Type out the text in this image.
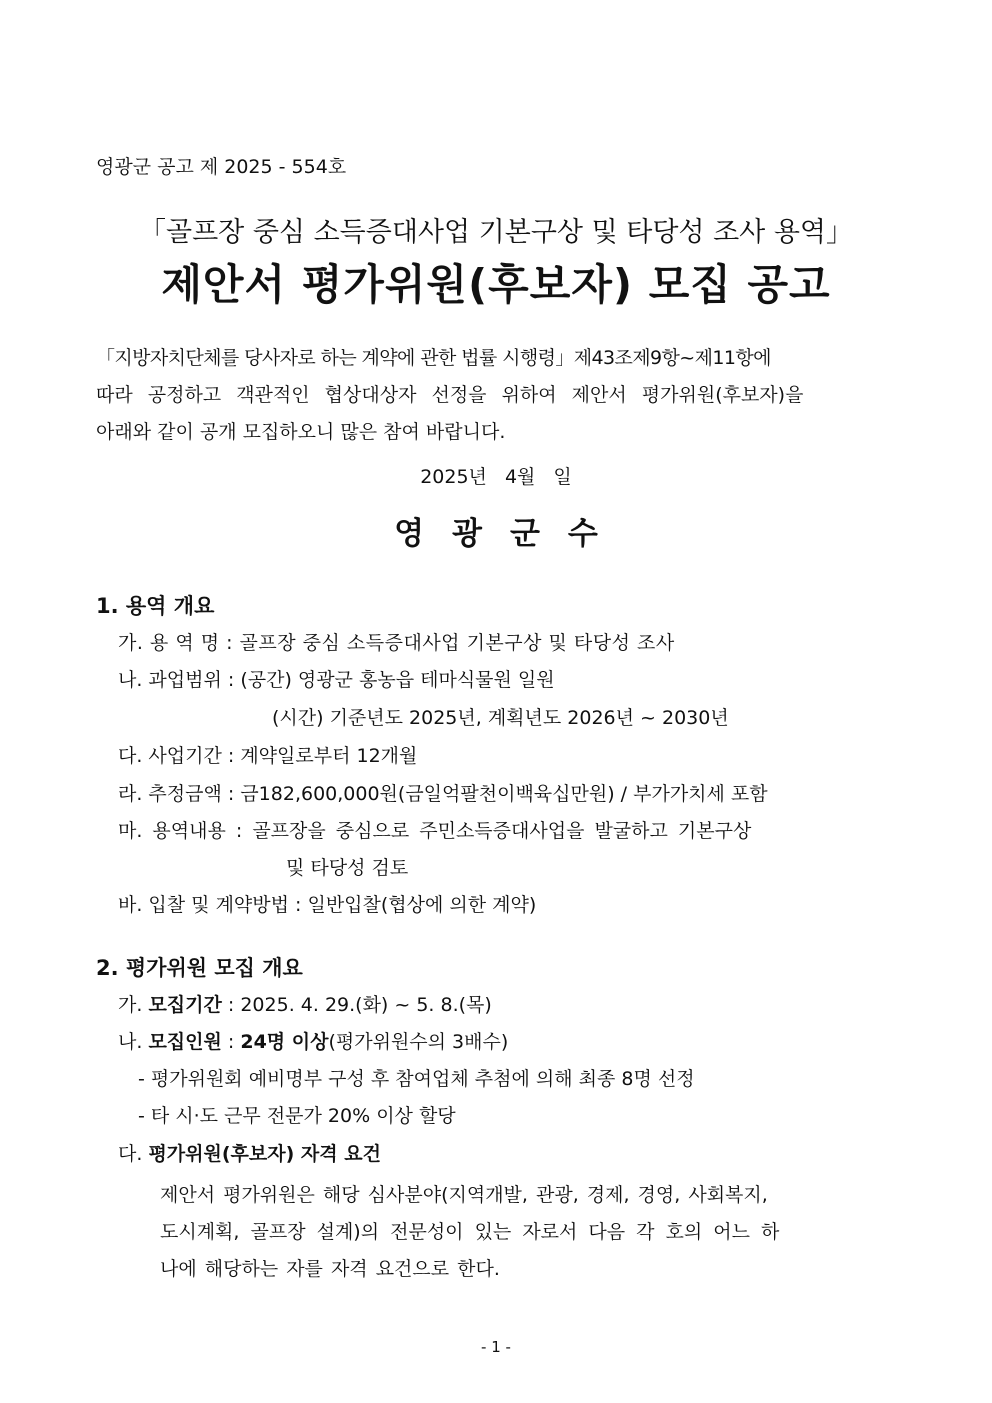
영광군 공고 제 2025 - 554호
「골프장 중심 소득증대사업 기본구상 및 타당성 조사 용역」
제안서 평가위원(후보자) 모집 공고
「지방자치단체를 당사자로 하는 계약에 관한 법률 시행령」제43조제9항~제11항에
따라 공정하고 객관적인 협상대상자 선정을 위하여 제안서 평가위원(후보자)을
아래와 같이 공개 모집하오니 많은 참여 바랍니다.
2025년 4월 일
영광군수
1. 용역 개요
가. 용 역 명 : 골프장 중심 소득증대사업 기본구상 및 타당성 조사
나. 과업범위 : (공간) 영광군 홍농읍 테마식물원 일원
(시간) 기준년도 2025년, 계획년도 2026년 ~ 2030년
다. 사업기간 : 계약일로부터 12개월
라. 추정금액 : 금182,600,000원(금일억팔천이백육십만원) / 부가가치세 포함
마. 용역내용 : 골프장을 중심으로 주민소득증대사업을 발굴하고 기본구상
및 타당성 검토
바. 입찰 및 계약방법 : 일반입찰(협상에 의한 계약)
2. 평가위원 모집 개요
가. 모집기간 : 2025. 4. 29.(화) ~ 5. 8.(목)
나. 모집인원 : 24명 이상(평가위원수의 3배수)
- 평가위원회 예비명부 구성 후 참여업체 추첨에 의해 최종 8명 선정
- 타 시·도 근무 전문가 20% 이상 할당
다. 평가위원(후보자) 자격 요건
제안서 평가위원은 해당 심사분야(지역개발, 관광, 경제, 경영, 사회복지,
도시계획, 골프장 설계)의 전문성이 있는 자로서 다음 각 호의 어느 하
나에 해당하는 자를 자격 요건으로 한다.
- 1 -
